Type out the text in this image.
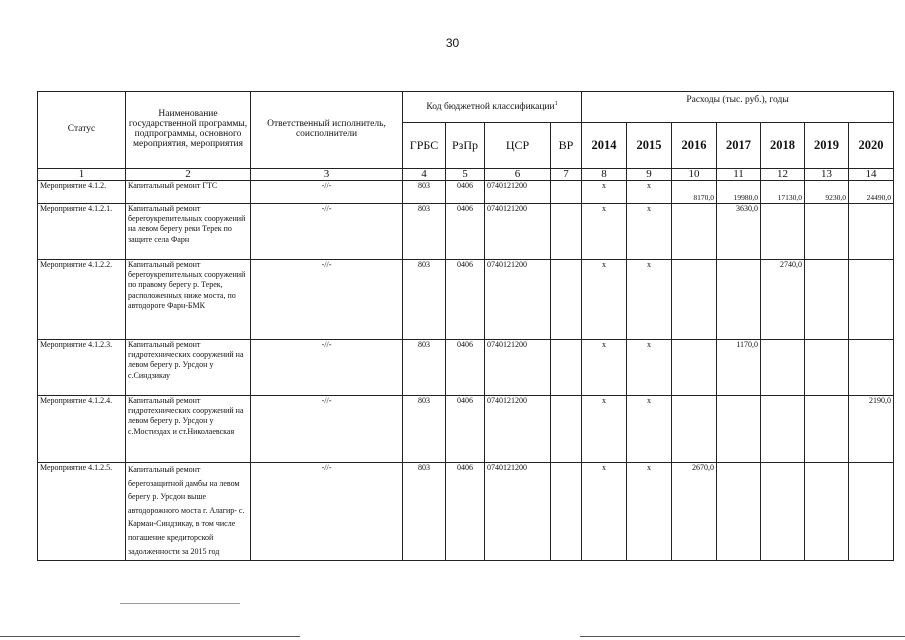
30
Статус	Наименование государственной программы, подпрограммы, основного мероприятия, мероприятия	Ответственный исполнитель, соисполнители	Код бюджетной классификации$^1$				Расходы (тыс. руб.), годы						
			ГРБС	РзПр	ЦСР	ВР	2014	2015	2016	2017	2018	2019	2020
1	2	3	4	5	6	7	8	9	10	11	12	13	14
Мероприятие 4.1.2.	Капитальный ремонт ГТС	-//-	803	0406	0740121200		x	x	8170,0	19980,0	17130,0	9230,0	24490,0
Мероприятие 4.1.2.1.	Капитальный ремонт берегоукрепительных сооружений на левом берегу реки Терек по защите села Фарн	-//-	803	0406	0740121200		x	x		3630,0			
Мероприятие 4.1.2.2.	Капитальный ремонт берегоукрепительных сооружений по правому берегу р. Терек, расположенных ниже моста, по автодороге Фарн-БМК	-//-	803	0406	0740121200		x	x			2740,0		
Мероприятие 4.1.2.3.	Капитальный ремонт гидротехнических сооружений на левом берегу р. Урсдон у с.Синдзикау	-//-	803	0406	0740121200		x	x		1170,0			
Мероприятие 4.1.2.4.	Капитальный ремонт гидротехнических сооружений на левом берегу р. Урсдон у с.Мостиздах и ст.Николаевская	-//-	803	0406	0740121200		x	x					2190,0
Мероприятие 4.1.2.5.	Капитальный ремонт берегозащитной дамбы на левом берегу р. Урсдон выше автодорожного моста г. Алагир- с. Карман-Синдзикау, в том числе погашение кредиторской задолженности за 2015 год	-//-	803	0406	0740121200		x	x	2670,0				
